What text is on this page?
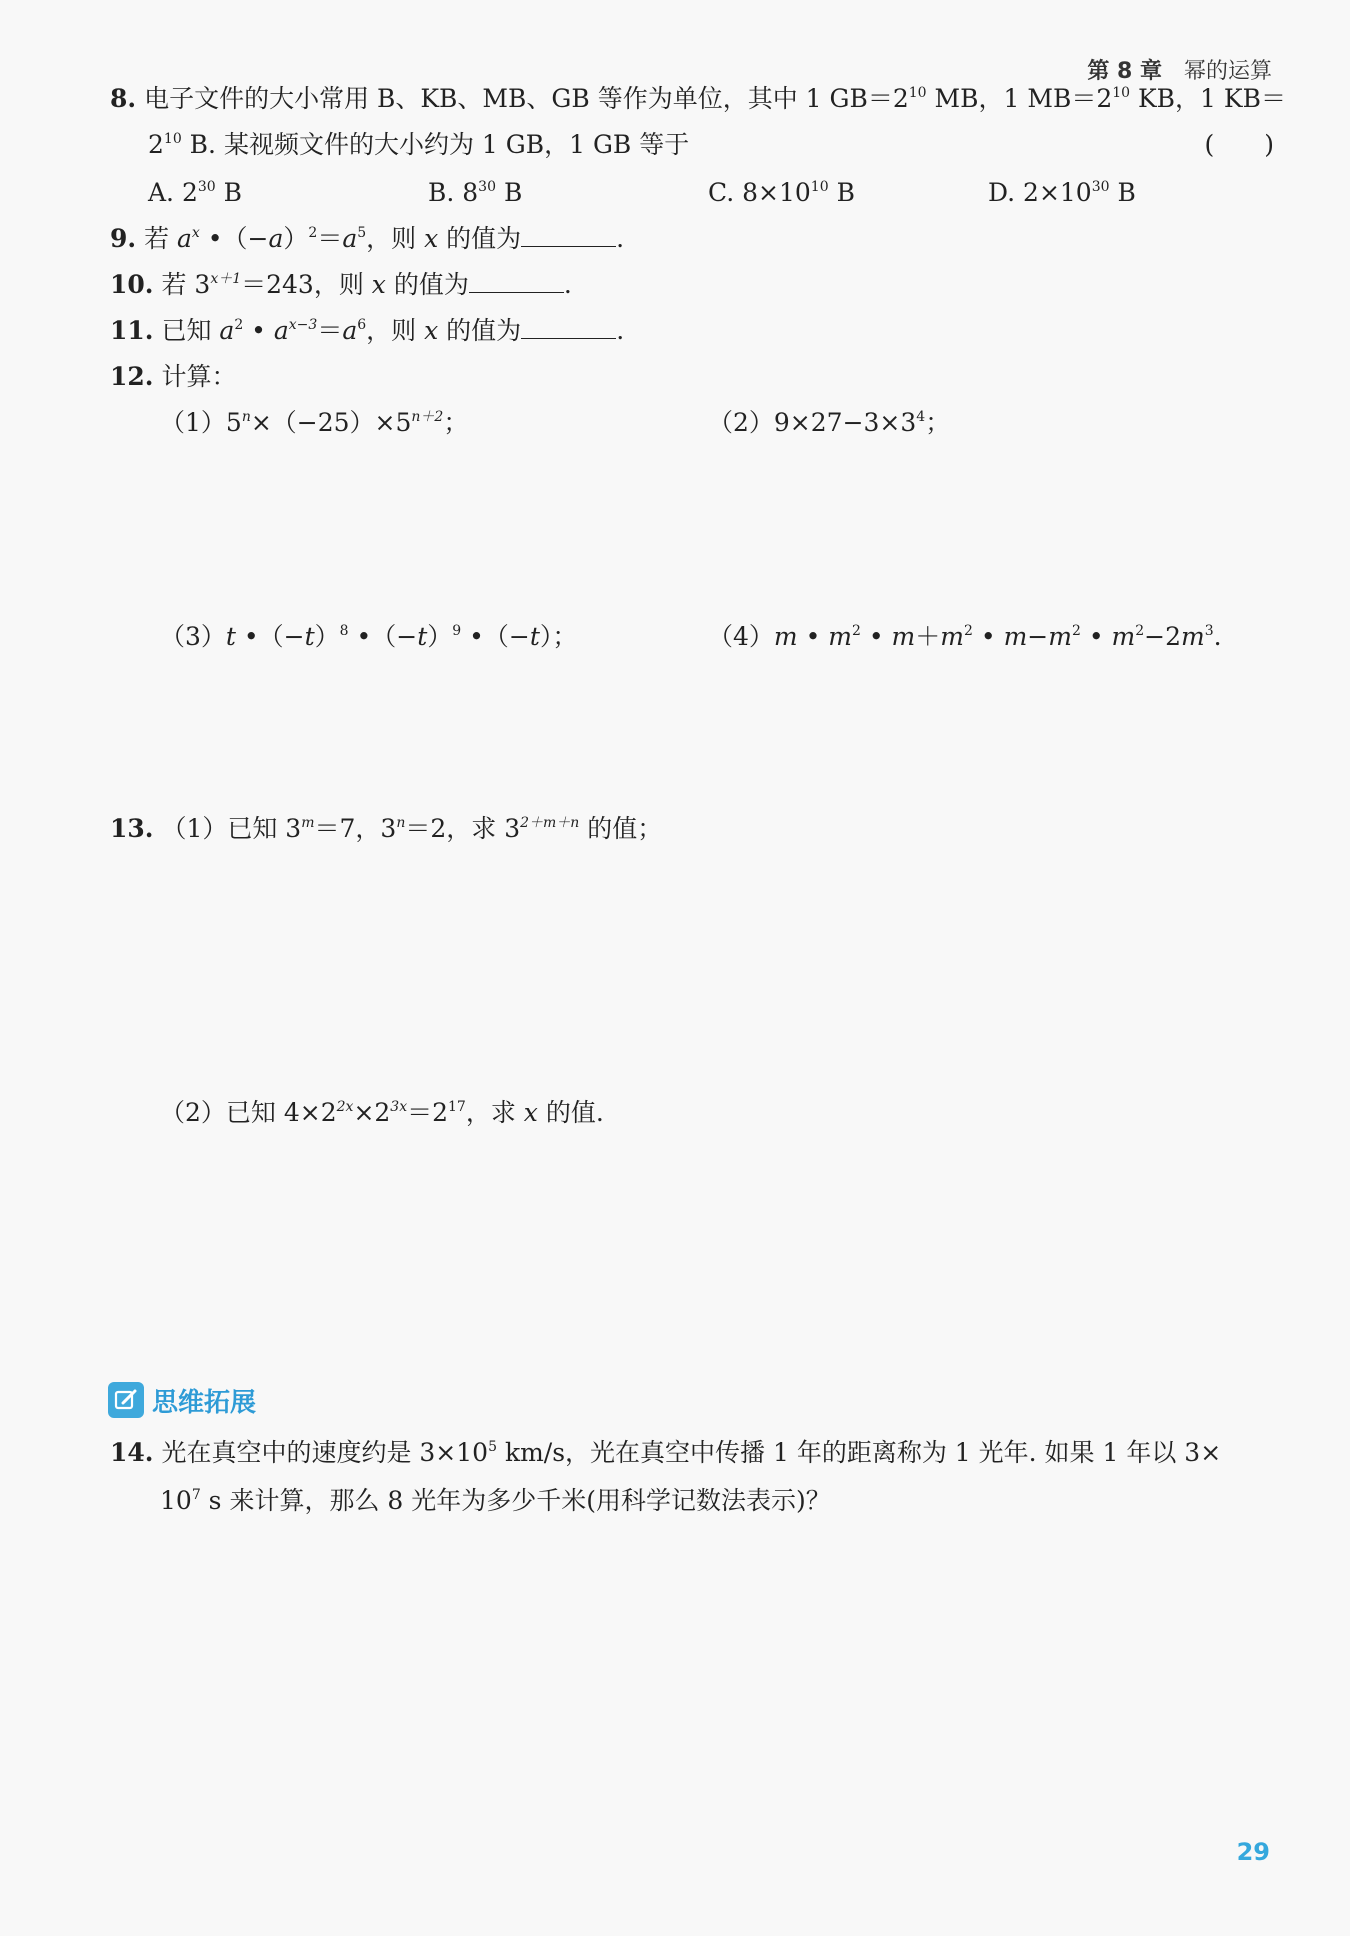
第 8 章 幂的运算
8. 电子文件的大小常用 B、KB、MB、GB 等作为单位，其中 1 $GB=2^{10}$ MB，1 $MB=2^{10}$ KB，1 KB＝
$2^{10}$ B. 某视频文件的大小约为 1 GB，1 GB 等于	(　　)
A. $2^{30}$ B	B. $8^{30}$ B	C. $8\times 10^{10}$ B	D. $2\times 10^{30}$ B
9. 若 $a^x$ $•(-a)^2=a^5$，则 x 的值为	.
10. 若 $3^{x+1}=243$，则 x 的值为	.
11. 已知 $a^2$ • $a^{x-3}=a^6$，则 x 的值为	.
12. 计算：
$(1)5^n\times(-25)\times 5^{n+2}$；	$(2)9\times 27-3\times 3^4$；
（3）t $•(-t)^8$ $•(-t)^9$ •（−t）；	（4）m • $m^2$ • $m+m^2$ • $m-m^2$ • $m^2-2m^3$.
13. （1）已知 $3^m=7$，$3^n=2$，求 $3^{2+m+n}$ 的值；
（2）已知 $4\times 2^{2x}\times 2^{3x}=2^{17}$，求 x 的值.
思维拓展
14. 光在真空中的速度约是 $3\times 10^5$ km/s，光在真空中传播 1 年的距离称为 1 光年. 如果 1 年以 3×
$10^7$ s 来计算，那么 8 光年为多少千米(用科学记数法表示)？
29
